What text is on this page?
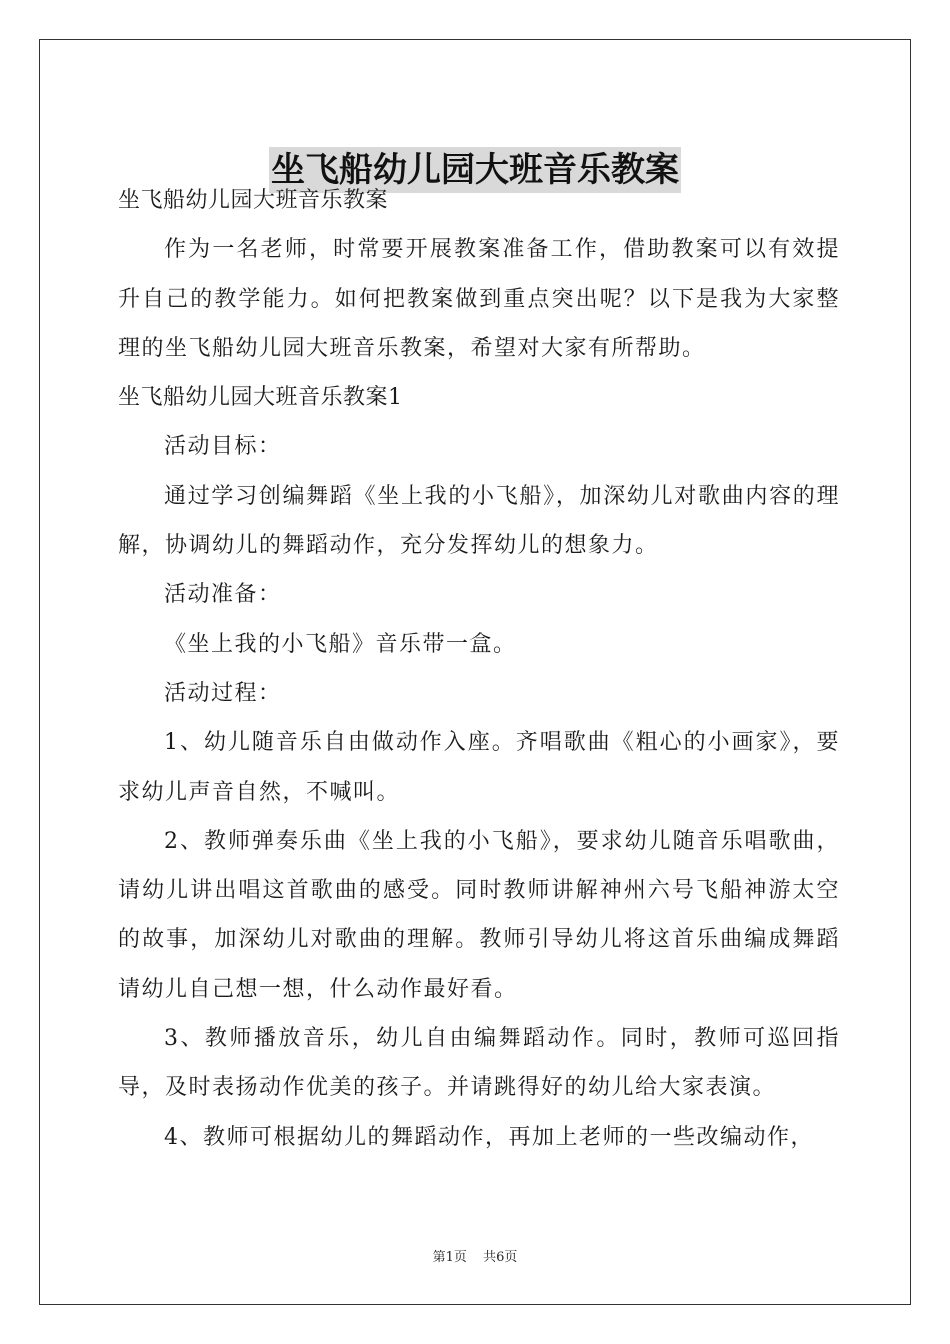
坐飞船幼儿园大班音乐教案

坐飞船幼儿园大班音乐教案

作为一名老师，时常要开展教案准备工作，借助教案可以有效提升自己的教学能力。如何把教案做到重点突出呢？以下是我为大家整理的坐飞船幼儿园大班音乐教案，希望对大家有所帮助。

坐飞船幼儿园大班音乐教案1

活动目标：

通过学习创编舞蹈《坐上我的小飞船》，加深幼儿对歌曲内容的理解，协调幼儿的舞蹈动作，充分发挥幼儿的想象力。

活动准备：

《坐上我的小飞船》音乐带一盒。

活动过程：

1、幼儿随音乐自由做动作入座。齐唱歌曲《粗心的小画家》，要求幼儿声音自然，不喊叫。

2、教师弹奏乐曲《坐上我的小飞船》，要求幼儿随音乐唱歌曲，请幼儿讲出唱这首歌曲的感受。同时教师讲解神州六号飞船神游太空的故事，加深幼儿对歌曲的理解。教师引导幼儿将这首乐曲编成舞蹈请幼儿自己想一想，什么动作最好看。

3、教师播放音乐，幼儿自由编舞蹈动作。同时，教师可巡回指导，及时表扬动作优美的孩子。并请跳得好的幼儿给大家表演。

4、教师可根据幼儿的舞蹈动作，再加上老师的一些改编动作，

第1页 共6页
